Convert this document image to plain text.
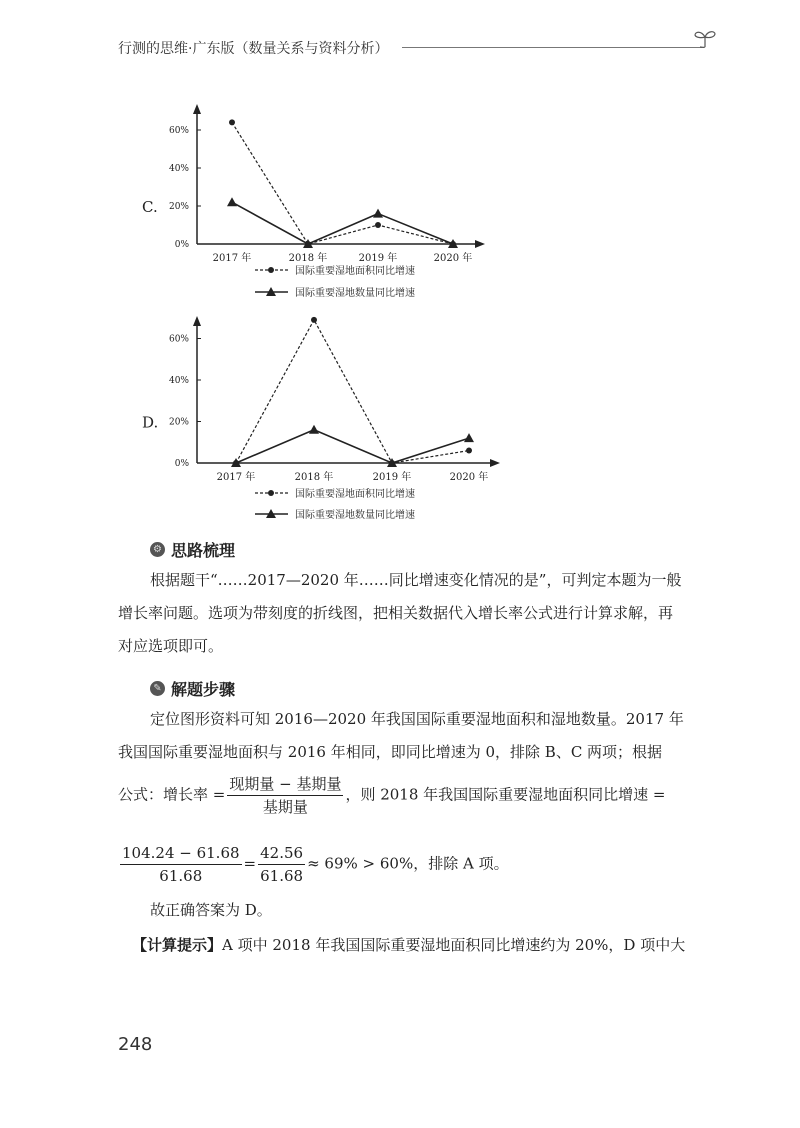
行测的思维·广东版（数量关系与资料分析）
0%
20%
40%
60%
C.
2017 年	2018 年	2019 年	2020 年
国际重要湿地面积同比增速
国际重要湿地数量同比增速
0%
20%
40%
60%
D.
2017 年	2018 年	2019 年	2020 年
国际重要湿地面积同比增速
国际重要湿地数量同比增速
⚙ 思路梳理
根据题干“……2017—2020 年……同比增速变化情况的是”，可判定本题为一般
增长率问题。选项为带刻度的折线图，把相关数据代入增长率公式进行计算求解，再
对应选项即可。
✎ 解题步骤
定位图形资料可知 2016—2020 年我国国际重要湿地面积和湿地数量。2017 年
我国国际重要湿地面积与 2016 年相同，即同比增速为 0，排除 B、C 两项；根据
公式：增长率 = $\frac{\text{现期量 − 基期量}}{\text{基期量}}$ ，则 2018 年我国国际重要湿地面积同比增速 =
$\frac{104.24 - 61.68}{61.68} = \frac{42.56}{61.68} \approx 69\% > 60\%$，排除 A 项。
故正确答案为 D。
【计算提示】A 项中 2018 年我国国际重要湿地面积同比增速约为 20%，D 项中大
248
